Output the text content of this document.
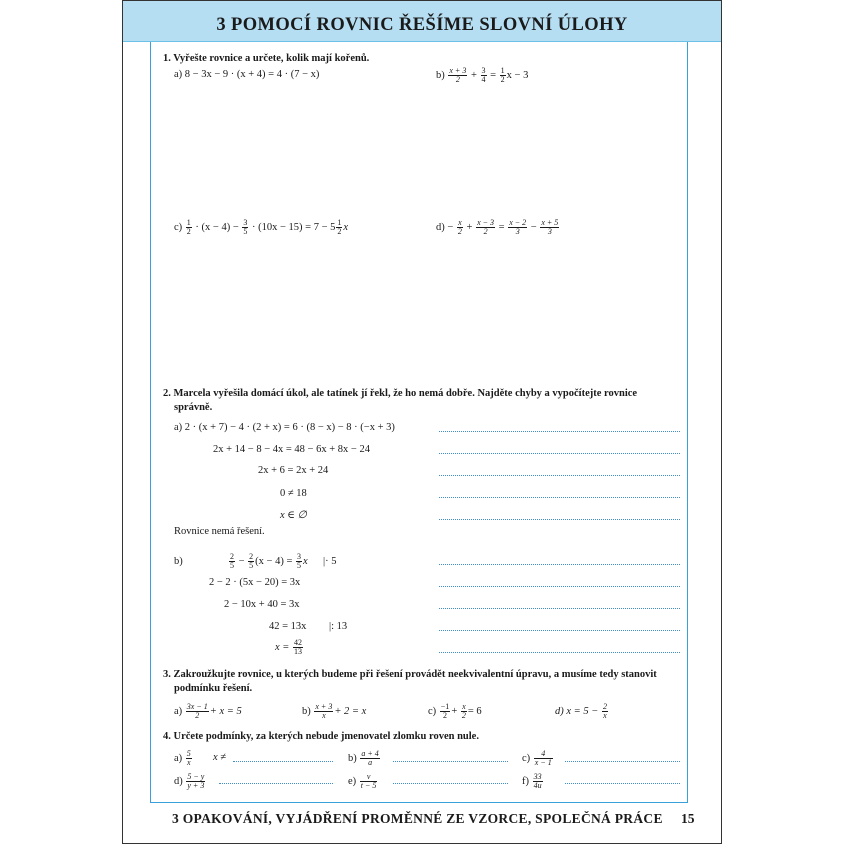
3 POMOCÍ ROVNIC ŘEŠÍME SLOVNÍ ÚLOHY
1. Vyřešte rovnice a určete, kolik mají kořenů.
a) 8 − 3x − 9 · (x + 4) = 4 · (7 − x)	$b) \frac{x + 3}{2} + \frac{3}{4} = \frac{1}{2}$ x − 3
$c) \frac{1}{2} \cdot (x - 4) - \frac{3}{5} \cdot (10x - 15) = 7 - 5 \frac{1}{2}$ x	$d) - \frac{x}{2} + \frac{x - 3}{2} = \frac{x - 2}{3} - \frac{x + 5}{3}$
2. Marcela vyřešila domácí úkol, ale tatínek jí řekl, že ho nemá dobře. Najděte chyby a vypočítejte rovnice
správně.
a) 2 · (x + 7) − 4 · (2 + x) = 6 · (8 − x) − 8 · (−x + 3)
2x + 14 − 8 − 4x = 48 − 6x + 8x − 24
2x + 6 = 2x + 24
0 ≠ 18
x ∈ ∅
Rovnice nemá řešení.
b)	$\frac{2}{5} - \frac{2}{5} (x - 4) = \frac{3}{5}$ x |· 5
2 − 2 · (5x − 20) = 3x
2 − 10x + 40 = 3x
42 = 13x |: 13
$x = \frac{42}{13}$
3. Zakroužkujte rovnice, u kterých budeme při řešení provádět neekvivalentní úpravu, a musíme tedy stanovit
podmínku řešení.
$a) \frac{3x - 1}{2} + x = 5$	$b) \frac{x + 3}{x} + 2 = x$	$c) \frac{-1}{2} + \frac{x}{2} = 6$	d) $x = 5 - \frac{2}{x}$
4. Určete podmínky, za kterých nebude jmenovatel zlomku roven nule.
$a) \frac{5}{x}$ x ≠	$b) \frac{a + 4}{a}$	$c) \frac{4}{x - 1}$
$d) \frac{5 - y}{y + 3}$	$e) \frac{v}{t - 5}$	$f) \frac{33}{4u}$
3 OPAKOVÁNÍ, VYJÁDŘENÍ PROMĚNNÉ ZE VZORCE, SPOLEČNÁ PRÁCE 15
